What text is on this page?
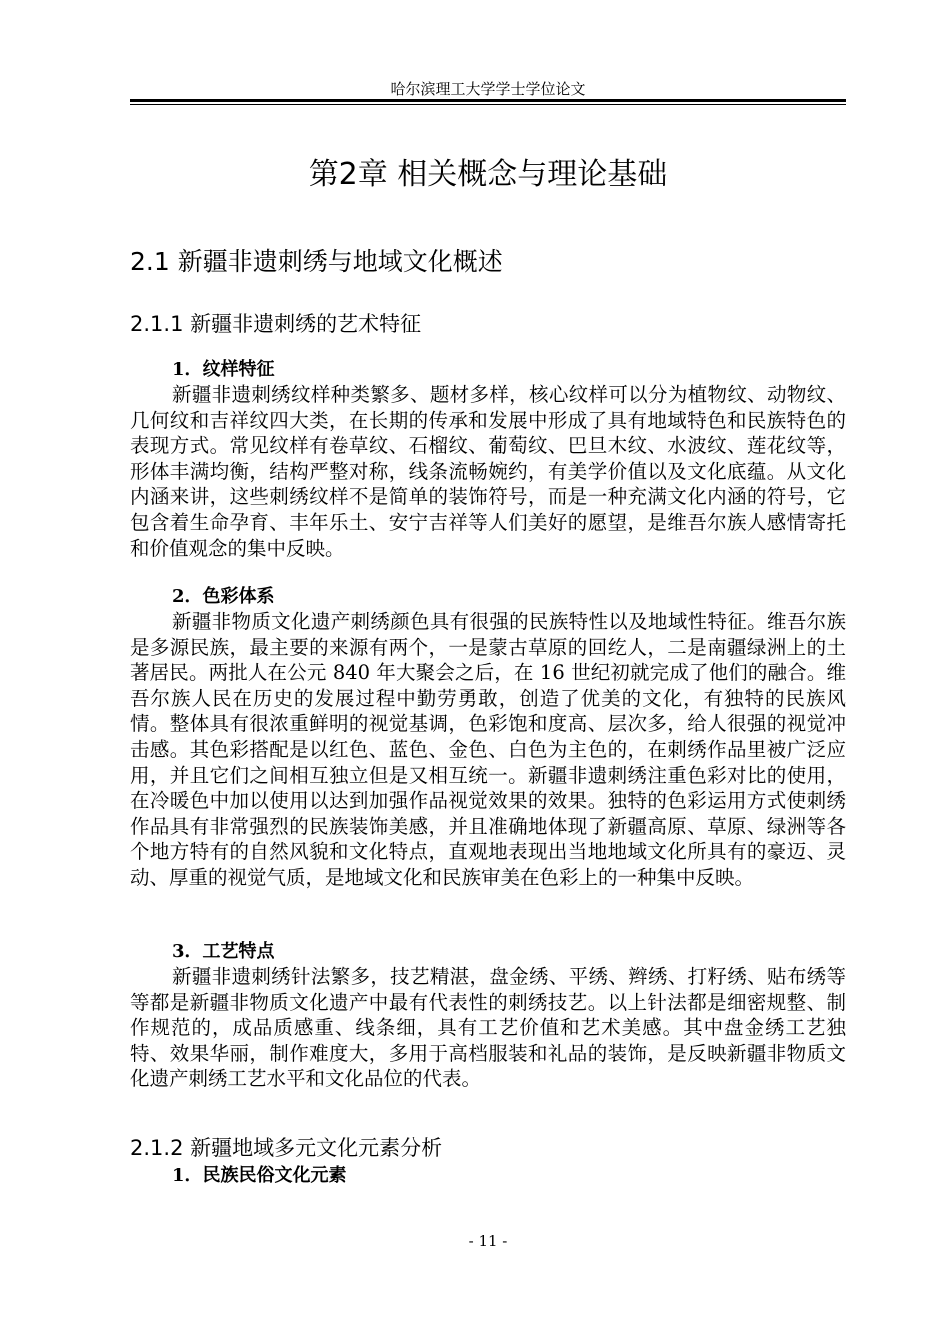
哈尔滨理工大学学士学位论文
第2章 相关概念与理论基础
2.1 新疆非遗刺绣与地域文化概述
2.1.1 新疆非遗刺绣的艺术特征
1．纹样特征

新疆非遗刺绣纹样种类繁多、题材多样，核心纹样可以分为植物纹、动物纹、几何纹和吉祥纹四大类，在长期的传承和发展中形成了具有地域特色和民族特色的表现方式。常见纹样有卷草纹、石榴纹、葡萄纹、巴旦木纹、水波纹、莲花纹等，形体丰满均衡，结构严整对称，线条流畅婉约，有美学价值以及文化底蕴。从文化内涵来讲，这些刺绣纹样不是简单的装饰符号，而是一种充满文化内涵的符号，它包含着生命孕育、丰年乐土、安宁吉祥等人们美好的愿望，是维吾尔族人感情寄托和价值观念的集中反映。

2．色彩体系

新疆非物质文化遗产刺绣颜色具有很强的民族特性以及地域性特征。维吾尔族是多源民族，最主要的来源有两个，一是蒙古草原的回纥人，二是南疆绿洲上的土著居民。两批人在公元 840 年大聚会之后，在 16 世纪初就完成了他们的融合。维吾尔族人民在历史的发展过程中勤劳勇敢，创造了优美的文化，有独特的民族风情。整体具有很浓重鲜明的视觉基调，色彩饱和度高、层次多，给人很强的视觉冲击感。其色彩搭配是以红色、蓝色、金色、白色为主色的，在刺绣作品里被广泛应用，并且它们之间相互独立但是又相互统一。新疆非遗刺绣注重色彩对比的使用，在冷暖色中加以使用以达到加强作品视觉效果的效果。独特的色彩运用方式使刺绣作品具有非常强烈的民族装饰美感，并且准确地体现了新疆高原、草原、绿洲等各个地方特有的自然风貌和文化特点，直观地表现出当地地域文化所具有的豪迈、灵动、厚重的视觉气质，是地域文化和民族审美在色彩上的一种集中反映。

3．工艺特点

新疆非遗刺绣针法繁多，技艺精湛，盘金绣、平绣、辫绣、打籽绣、贴布绣等等都是新疆非物质文化遗产中最有代表性的刺绣技艺。以上针法都是细密规整、制作规范的，成品质感重、线条细，具有工艺价值和艺术美感。其中盘金绣工艺独特、效果华丽，制作难度大，多用于高档服装和礼品的装饰，是反映新疆非物质文化遗产刺绣工艺水平和文化品位的代表。

2.1.2 新疆地域多元文化元素分析
1．民族民俗文化元素
- 11 -
